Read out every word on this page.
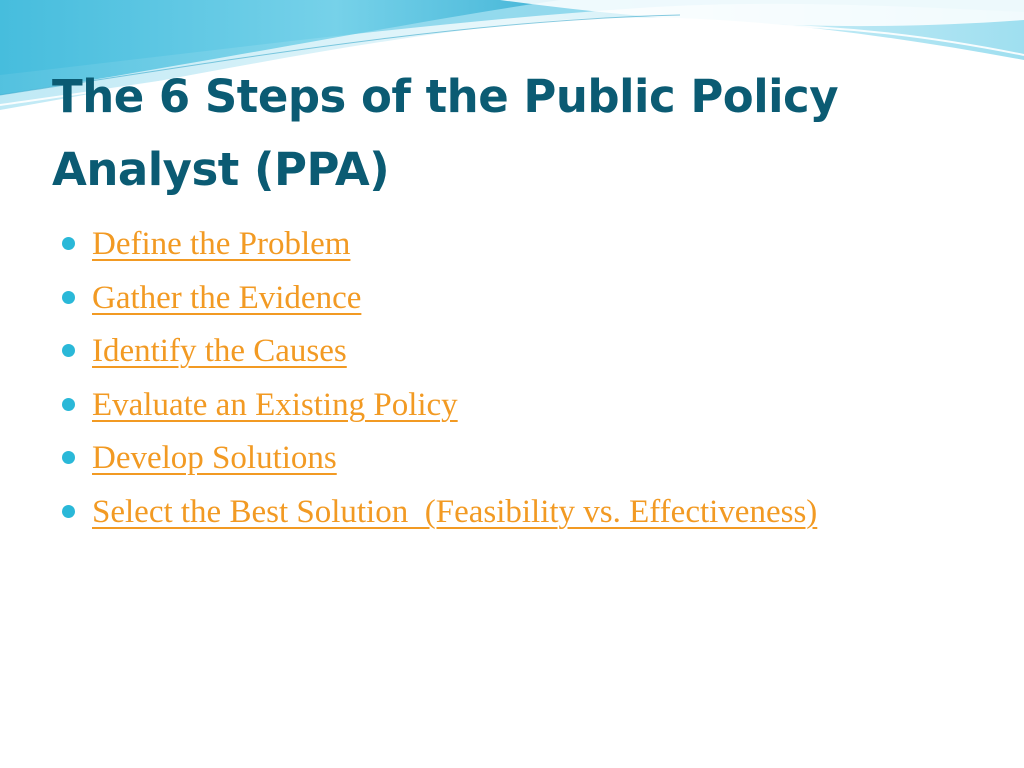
The 6 Steps of the Public Policy
Analyst (PPA)
Define the Problem
Gather the Evidence
Identify the Causes
Evaluate an Existing Policy
Develop Solutions
Select the Best Solution  (Feasibility vs. Effectiveness)
